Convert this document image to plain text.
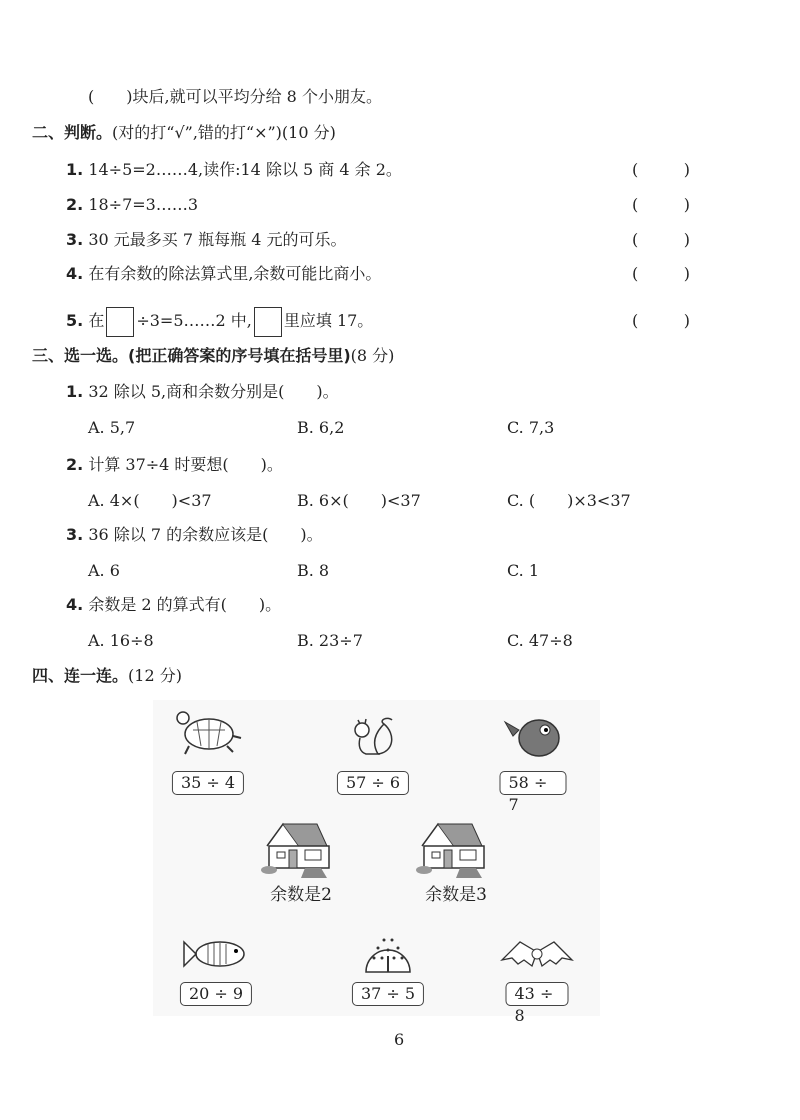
(　　)块后,就可以平均分给 8 个小朋友。
二、判断。(对的打“√”,错的打“×”)(10 分)
1. 14÷5=2……4,读作:14 除以 5 商 4 余 2。	(	)
2. 18÷7=3……3	(	)
3. 30 元最多买 7 瓶每瓶 4 元的可乐。	(	)
4. 在有余数的除法算式里,余数可能比商小。	(	)
5. 在 ÷3=5……2 中, 里应填 17。	(	)
三、选一选。(把正确答案的序号填在括号里)(8 分)
1. 32 除以 5,商和余数分别是(　　)。
A. 5,7	B. 6,2	C. 7,3
2. 计算 37÷4 时要想(　　)。
A. 4×(　　)<37	B. 6×(　　)<37	C. (　　)×3<37
3. 36 除以 7 的余数应该是(　　)。
A. 6	B. 8	C. 1
4. 余数是 2 的算式有(　　)。
A. 16÷8	B. 23÷7	C. 47÷8
四、连一连。(12 分)
35 ÷ 4	57 ÷ 6	58 ÷ 7
余数是2	余数是3
20 ÷ 9	37 ÷ 5	43 ÷ 8
6
